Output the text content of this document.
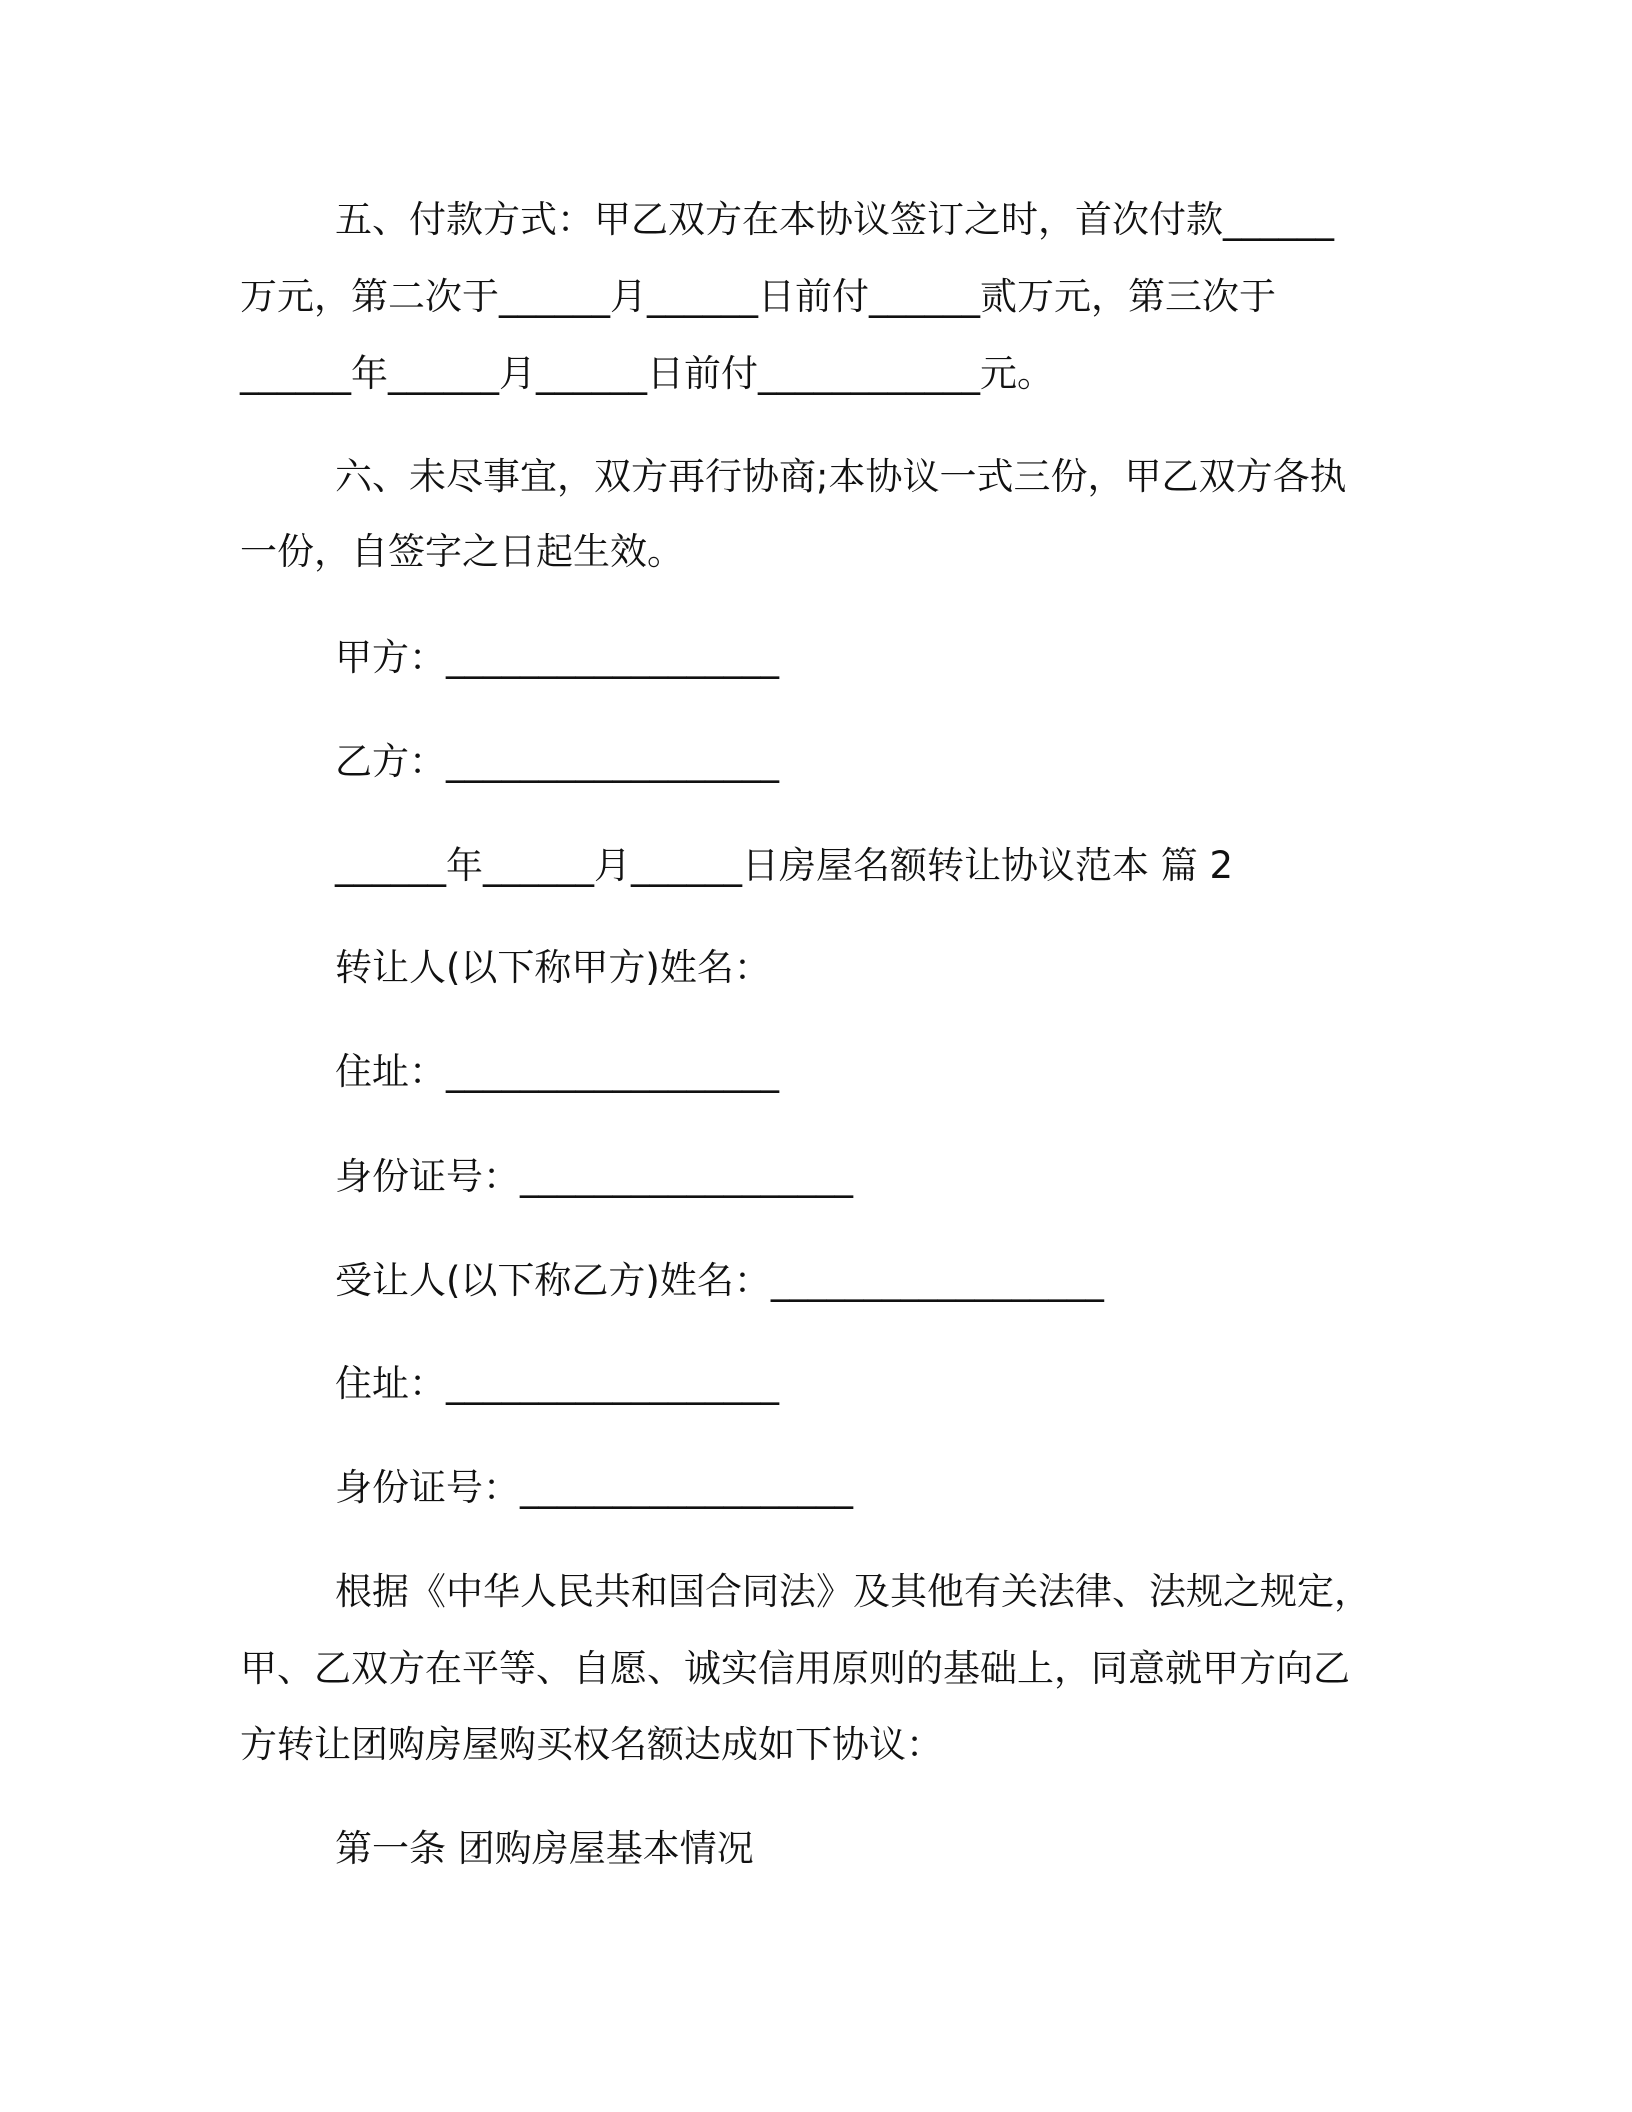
五、付款方式：甲乙双方在本协议签订之时，首次付款______
万元，第二次于______月______日前付______贰万元，第三次于
______年______月______日前付____________元。
六、未尽事宜，双方再行协商;本协议一式三份，甲乙双方各执
一份，自签字之日起生效。
甲方：__________________
乙方：__________________
______年______月______日房屋名额转让协议范本 篇 2
转让人(以下称甲方)姓名：
住址：__________________
身份证号：__________________
受让人(以下称乙方)姓名：__________________
住址：__________________
身份证号：__________________
根据《中华人民共和国合同法》及其他有关法律、法规之规定，
甲、乙双方在平等、自愿、诚实信用原则的基础上，同意就甲方向乙
方转让团购房屋购买权名额达成如下协议：
第一条 团购房屋基本情况
